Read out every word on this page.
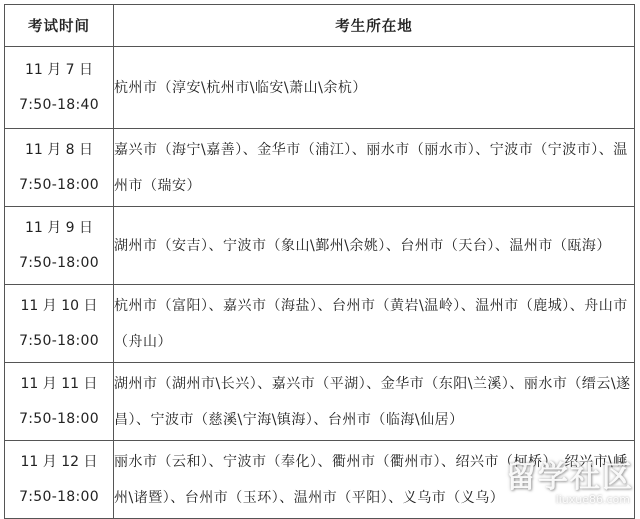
考试时间	考生所在地

11 月 7 日
7:50-18:40	杭州市（淳安\杭州市\临安\萧山\余杭）

11 月 8 日
7:50-18:00	嘉兴市（海宁\嘉善）、金华市（浦江）、丽水市（丽水市）、宁波市（宁波市）、温州市（瑞安）

11 月 9 日
7:50-18:00	湖州市（安吉）、宁波市（象山\鄞州\余姚）、台州市（天台）、温州市（瓯海）

11 月 10 日
7:50-18:00	杭州市（富阳）、嘉兴市（海盐）、台州市（黄岩\温岭）、温州市（鹿城）、舟山市（舟山）

11 月 11 日
7:50-18:00	湖州市（湖州市\长兴）、嘉兴市（平湖）、金华市（东阳\兰溪）、丽水市（缙云\遂昌）、宁波市（慈溪\宁海\镇海）、台州市（临海\仙居）

11 月 12 日
7:50-18:00	丽水市（云和）、宁波市（奉化）、衢州市（衢州市）、绍兴市（柯桥）、绍兴市\嵊州\诸暨）、台州市（玉环）、温州市（平阳）、义乌市（义乌）
留学社区
liuxue86.com
